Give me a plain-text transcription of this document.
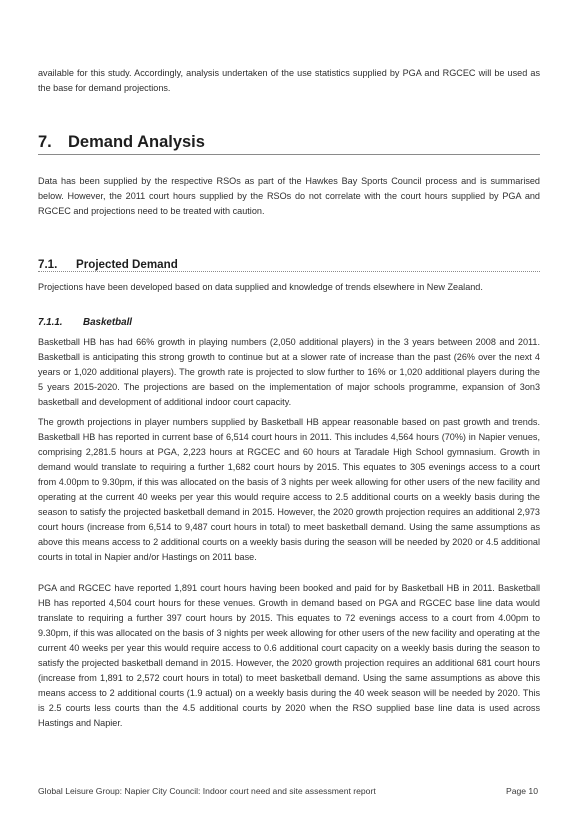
available for this study. Accordingly, analysis undertaken of the use statistics supplied by PGA and RGCEC will be used as the base for demand projections.

7. Demand Analysis

Data has been supplied by the respective RSOs as part of the Hawkes Bay Sports Council process and is summarised below. However, the 2011 court hours supplied by the RSOs do not correlate with the court hours supplied by PGA and RGCEC and projections need to be treated with caution.

7.1. Projected Demand

Projections have been developed based on data supplied and knowledge of trends elsewhere in New Zealand.

7.1.1. Basketball

Basketball HB has had 66% growth in playing numbers (2,050 additional players) in the 3 years between 2008 and 2011. Basketball is anticipating this strong growth to continue but at a slower rate of increase than the past (26% over the next 4 years or 1,020 additional players). The growth rate is projected to slow further to 16% or 1,020 additional players during the 5 years 2015-2020. The projections are based on the implementation of major schools programme, expansion of 3on3 basketball and development of additional indoor court capacity.

The growth projections in player numbers supplied by Basketball HB appear reasonable based on past growth and trends. Basketball HB has reported in current base of 6,514 court hours in 2011. This includes 4,564 hours (70%) in Napier venues, comprising 2,281.5 hours at PGA, 2,223 hours at RGCEC and 60 hours at Taradale High School gymnasium. Growth in demand would translate to requiring a further 1,682 court hours by 2015. This equates to 305 evenings access to a court from 4.00pm to 9.30pm, if this was allocated on the basis of 3 nights per week allowing for other users of the new facility and operating at the current 40 weeks per year this would require access to 2.5 additional courts on a weekly basis during the season to satisfy the projected basketball demand in 2015. However, the 2020 growth projection requires an additional 2,973 court hours (increase from 6,514 to 9,487 court hours in total) to meet basketball demand. Using the same assumptions as above this means access to 2 additional courts on a weekly basis during the season will be needed by 2020 or 4.5 additional courts in total in Napier and/or Hastings on 2011 base.

PGA and RGCEC have reported 1,891 court hours having been booked and paid for by Basketball HB in 2011. Basketball HB has reported 4,504 court hours for these venues. Growth in demand based on PGA and RGCEC base line data would translate to requiring a further 397 court hours by 2015. This equates to 72 evenings access to a court from 4.00pm to 9.30pm, if this was allocated on the basis of 3 nights per week allowing for other users of the new facility and operating at the current 40 weeks per year this would require access to 0.6 additional court capacity on a weekly basis during the season to satisfy the projected basketball demand in 2015. However, the 2020 growth projection requires an additional 681 court hours (increase from 1,891 to 2,572 court hours in total) to meet basketball demand. Using the same assumptions as above this means access to 2 additional courts (1.9 actual) on a weekly basis during the 40 week season will be needed by 2020. This is 2.5 courts less courts than the 4.5 additional courts by 2020 when the RSO supplied base line data is used across Hastings and Napier.

Global Leisure Group: Napier City Council: Indoor court need and site assessment report	Page 10
